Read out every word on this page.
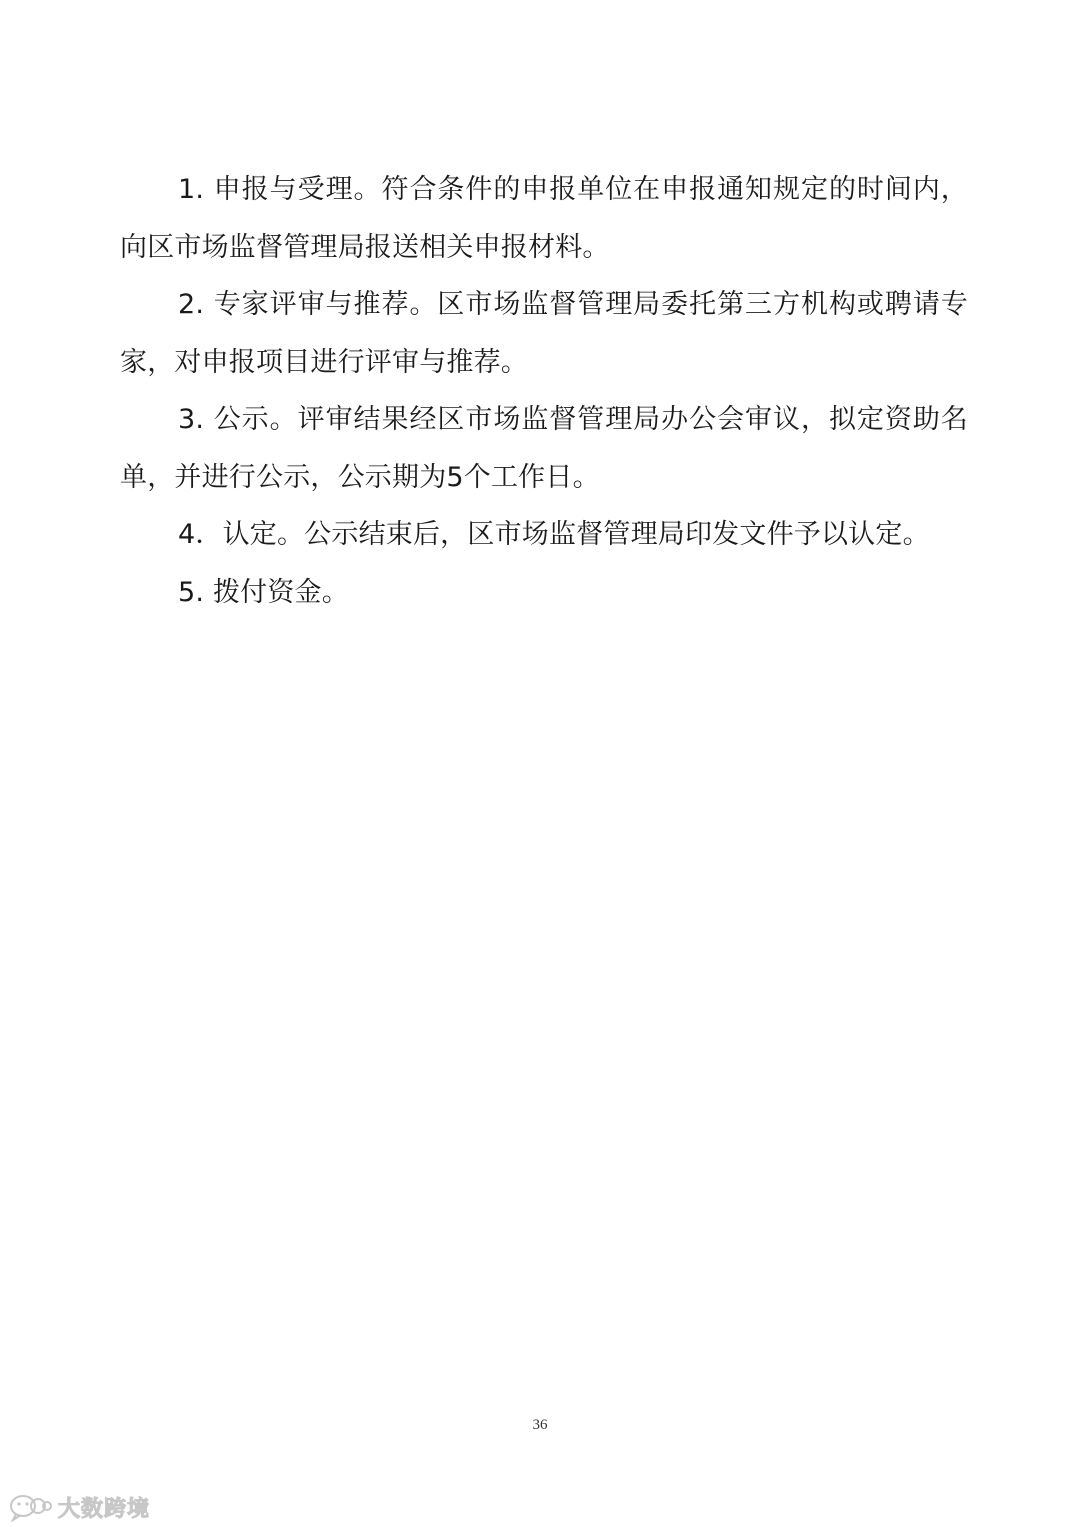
1. 申报与受理。符合条件的申报单位在申报通知规定的时间内，向区市场监督管理局报送相关申报材料。

2. 专家评审与推荐。区市场监督管理局委托第三方机构或聘请专家，对申报项目进行评审与推荐。

3. 公示。评审结果经区市场监督管理局办公会审议，拟定资助名单，并进行公示，公示期为5个工作日。

4．认定。公示结束后，区市场监督管理局印发文件予以认定。

5. 拨付资金。

36
大数跨境
